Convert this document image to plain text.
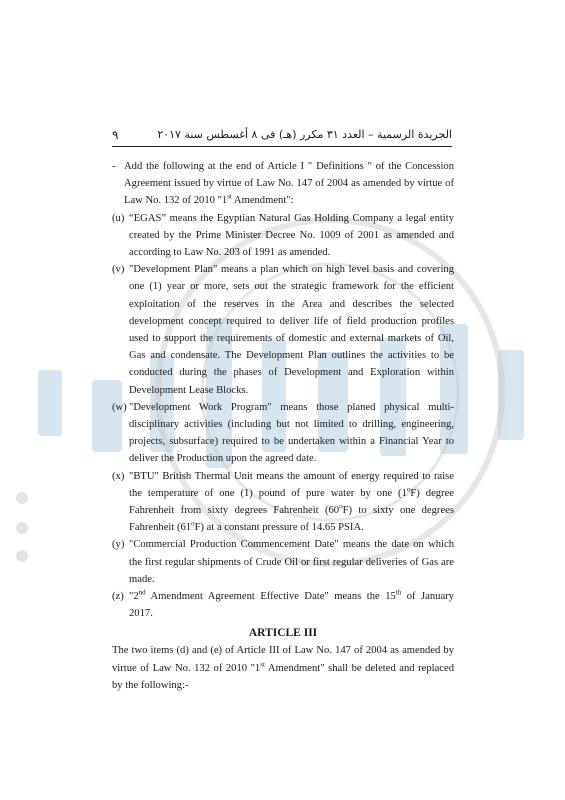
٩	الجريدة الرسمية – العدد ٣١ مكرر (هـ) فى ٨ أغسطس سنة ٢٠١٧
- Add the following at the end of Article I " Definitions " of the Concession Agreement issued by virtue of Law No. 147 of 2004 as amended by virtue of Law No. 132 of 2010 "1st Amendment":
(u) “EGAS” means the Egyptian Natural Gas Holding Company a legal entity created by the Prime Minister Decree No. 1009 of 2001 as amended and according to Law No. 203 of 1991 as amended.
(v) "Development Plan" means a plan which on high level basis and covering one (1) year or more, sets out the strategic framework for the efficient exploitation of the reserves in the Area and describes the selected development concept required to deliver life of field production profiles used to support the requirements of domestic and external markets of Oil, Gas and condensate. The Development Plan outlines the activities to be conducted during the phases of Development and Exploration within Development Lease Blocks.
(w) "Development Work Program" means those planed physical multi-disciplinary activities (including but not limited to drilling, engineering, projects, subsurface) required to be undertaken within a Financial Year to deliver the Production upon the agreed date.
(x) "BTU" British Thermal Unit means the amount of energy required to raise the temperature of one (1) pound of pure water by one (1$^o$F) degree Fahrenheit from sixty degrees Fahrenheit (60$^o$F) to sixty one degrees Fahrenheit (61$^o$F) at a constant pressure of 14.65 PSIA.
(y) "Commercial Production Commencement Date" means the date on which the first regular shipments of Crude Oil or first regular deliveries of Gas are made.
(z) "2nd Amendment Agreement Effective Date" means the 15th of January 2017.
ARTICLE III
The two items (d) and (e) of Article III of Law No. 147 of 2004 as amended by virtue of Law No. 132 of 2010 "1st Amendment" shall be deleted and replaced by the following:-
